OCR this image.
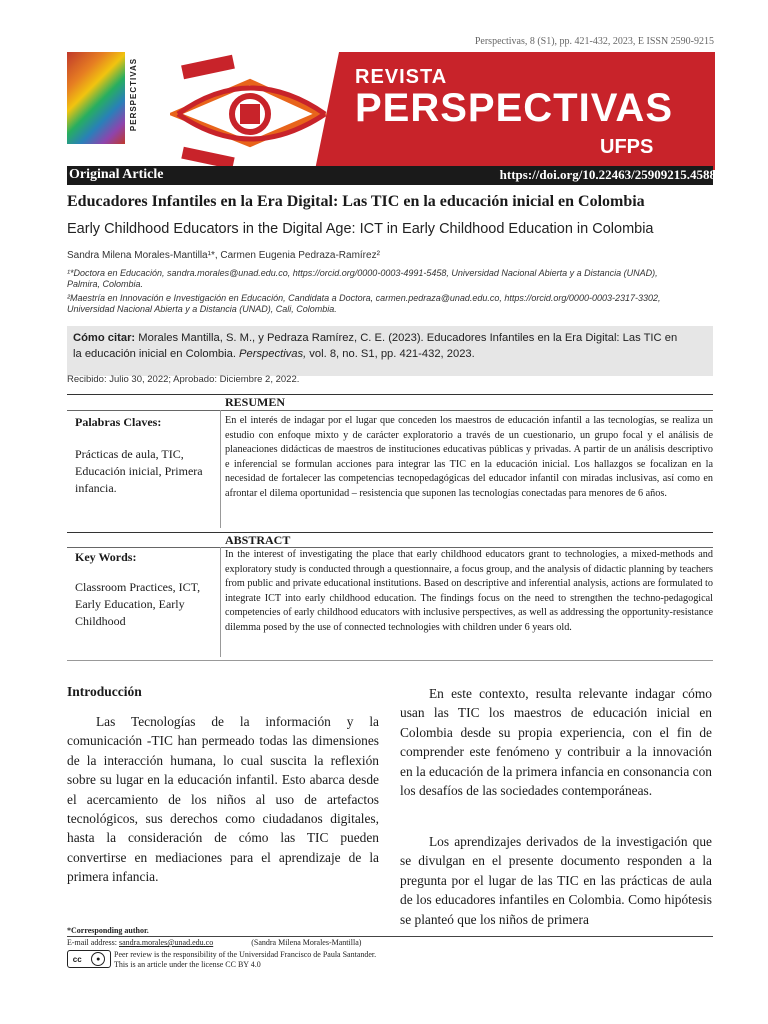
Perspectivas, 8 (S1), pp. 421-432, 2023, E ISSN 2590-9215
PERSPECTIVAS	REVISTA
PERSPECTIVAS
UFPS
Original Article	https://doi.org/10.22463/25909215.4588
Educadores Infantiles en la Era Digital: Las TIC en la educación inicial en Colombia
Early Childhood Educators in the Digital Age: ICT in Early Childhood Education in Colombia
Sandra Milena Morales-Mantilla¹*, Carmen Eugenia Pedraza-Ramírez²
¹*Doctora en Educación, sandra.morales@unad.edu.co, https://orcid.org/0000-0003-4991-5458, Universidad Nacional Abierta y a Distancia (UNAD),
Palmira, Colombia.
²Maestría en Innovación e Investigación en Educación, Candidata a Doctora, carmen.pedraza@unad.edu.co, https://orcid.org/0000-0003-2317-3302,
Universidad Nacional Abierta y a Distancia (UNAD), Cali, Colombia.
Cómo citar: Morales Mantilla, S. M., y Pedraza Ramírez, C. E. (2023). Educadores Infantiles en la Era Digital: Las TIC en
la educación inicial en Colombia. Perspectivas, vol. 8, no. S1, pp. 421-432, 2023.
Recibido: Julio 30, 2022; Aprobado: Diciembre 2, 2022.
RESUMEN
Palabras Claves:
Prácticas de aula, TIC, Educación inicial, Primera infancia.
En el interés de indagar por el lugar que conceden los maestros de educación infantil a las tecnologías, se realiza un estudio con enfoque mixto y de carácter exploratorio a través de un cuestionario, un grupo focal y el análisis de planeaciones didácticas de maestros de instituciones educativas públicas y privadas. A partir de un análisis descriptivo e inferencial se formulan acciones para integrar las TIC en la educación inicial. Los hallazgos se focalizan en la necesidad de fortalecer las competencias tecnopedagógicas del educador infantil con miradas inclusivas, así como en afrontar el dilema oportunidad – resistencia que suponen las tecnologías conectadas para menores de 6 años.
ABSTRACT
Key Words:
Classroom Practices, ICT, Early Education, Early Childhood
In the interest of investigating the place that early childhood educators grant to technologies, a mixed-methods and exploratory study is conducted through a questionnaire, a focus group, and the analysis of didactic planning by teachers from public and private educational institutions. Based on descriptive and inferential analysis, actions are formulated to integrate ICT into early childhood education. The findings focus on the need to strengthen the techno-pedagogical competencies of early childhood educators with inclusive perspectives, as well as addressing the opportunity-resistance dilemma posed by the use of connected technologies with children under 6 years old.
Introducción
Las Tecnologías de la información y la comunicación -TIC han permeado todas las dimensiones de la interacción humana, lo cual suscita la reflexión sobre su lugar en la educación infantil. Esto abarca desde el acercamiento de los niños al uso de artefactos tecnológicos, sus derechos como ciudadanos digitales, hasta la consideración de cómo las TIC pueden convertirse en mediaciones para el aprendizaje de la primera infancia.
En este contexto, resulta relevante indagar cómo usan las TIC los maestros de educación inicial en Colombia desde su propia experiencia, con el fin de comprender este fenómeno y contribuir a la innovación en la educación de la primera infancia en consonancia con los desafíos de las sociedades contemporáneas.
Los aprendizajes derivados de la investigación que se divulgan en el presente documento responden a la pregunta por el lugar de las TIC en las prácticas de aula de los educadores infantiles en Colombia. Como hipótesis se planteó que los niños de primera
*Corresponding author.
E-mail address: sandra.morales@unad.edu.co	(Sandra Milena Morales-Mantilla)
cc	●	Peer review is the responsibility of the Universidad Francisco de Paula Santander.
This is an article under the license CC BY 4.0
